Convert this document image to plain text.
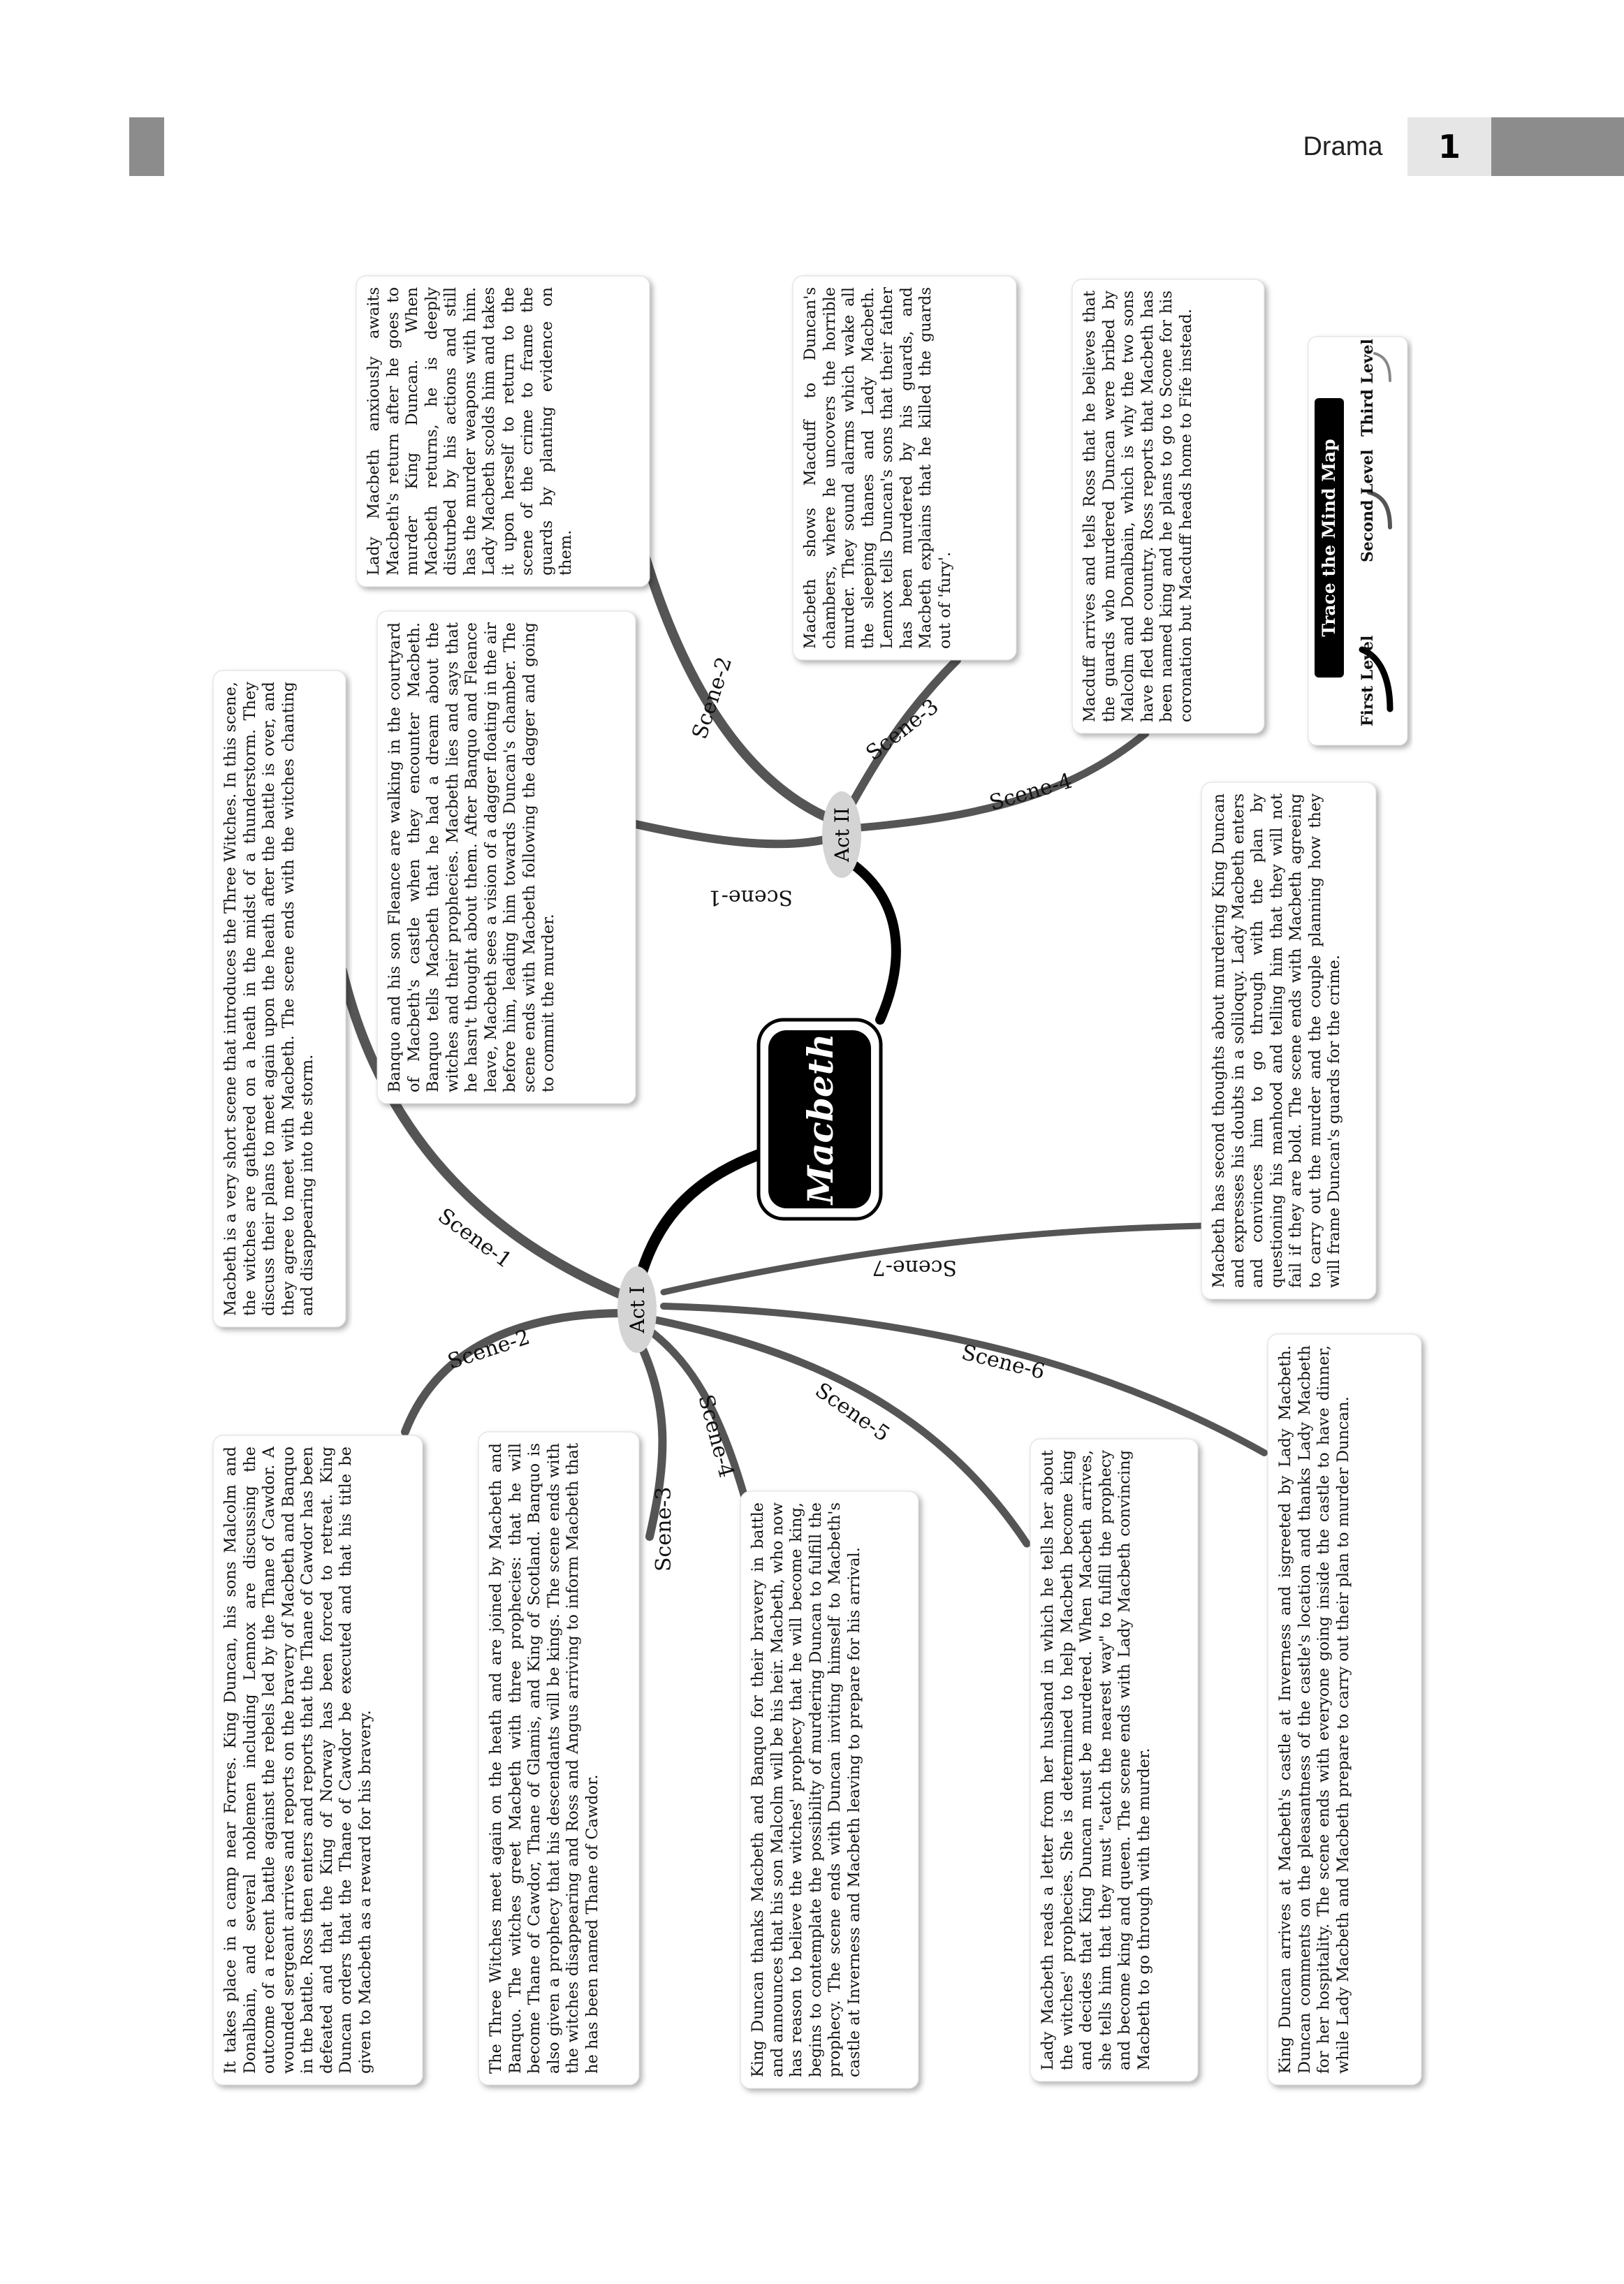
Drama	1
Scene-1
Scene-2
Scene-3
Scene-4	Scene-5
Scene-6
Scene-7
Scene-1
Scene-2	Scene-3
Scene-4
Act I
Act II
Macbeth
Macbeth is a very short scene that introduces the Three Witches. In this scene, the witches are gathered on a heath in the midst of a thunderstorm. They discuss their plans to meet again upon the heath after the battle is over, and they agree to meet with Macbeth. The scene ends with the witches chanting and disappearing into the storm.
It takes place in a camp near Forres. King Duncan, his sons Malcolm and Donalbain, and several noblemen including Lennox are discussing the outcome of a recent battle against the rebels led by the Thane of Cawdor. A wounded sergeant arrives and reports on the bravery of Macbeth and Banquo in the battle. Ross then enters and reports that the Thane of Cawdor has been defeated and that the King of Norway has been forced to retreat. King Duncan orders that the Thane of Cawdor be executed and that his title be given to Macbeth as a reward for his bravery.	The Three Witches meet again on the heath and are joined by Macbeth and Banquo. The witches greet Macbeth with three prophecies: that he will become Thane of Cawdor, Thane of Glamis, and King of Scotland. Banquo is also given a prophecy that his descendants will be kings. The scene ends with the witches disappearing and Ross and Angus arriving to inform Macbeth that he has been named Thane of Cawdor.	King Duncan thanks Macbeth and Banquo for their bravery in battle and announces that his son Malcolm will be his heir. Macbeth, who now has reason to believe the witches' prophecy that he will become king, begins to contemplate the possibility of murdering Duncan to fulfill the prophecy. The scene ends with Duncan inviting himself to Macbeth's castle at Inverness and Macbeth leaving to prepare for his arrival.	Lady Macbeth reads a letter from her husband in which he tells her about the witches' prophecies. She is determined to help Macbeth become king and decides that King Duncan must be murdered. When Macbeth arrives, she tells him that they must "catch the nearest way" to fulfill the prophecy and become king and queen. The scene ends with Lady Macbeth convincing Macbeth to go through with the murder.	King Duncan arrives at Macbeth's castle at Inverness and isgreeted by Lady Macbeth. Duncan comments on the pleasantness of the castle's location and thanks Lady Macbeth for her hospitality. The scene ends with everyone going inside the castle to have dinner, while Lady Macbeth and Macbeth prepare to carry out their plan to murder Duncan.
Macbeth has second thoughts about murdering King Duncan and expresses his doubts in a soliloquy. Lady Macbeth enters and convinces him to go through with the plan by questioning his manhood and telling him that they will not fail if they are bold. The scene ends with Macbeth agreeing to carry out the murder and the couple planning how they will frame Duncan's guards for the crime.
Banquo and his son Fleance are walking in the courtyard of Macbeth's castle when they encounter Macbeth. Banquo tells Macbeth that he had a dream about the witches and their prophecies. Macbeth lies and says that he hasn't thought about them. After Banquo and Fleance leave, Macbeth sees a vision of a dagger floating in the air before him, leading him towards Duncan's chamber. The scene ends with Macbeth following the dagger and going to commit the murder.
Lady Macbeth anxiously awaits Macbeth's return after he goes to murder King Duncan. When Macbeth returns, he is deeply disturbed by his actions and still has the murder weapons with him. Lady Macbeth scolds him and takes it upon herself to return to the scene of the crime to frame the guards by planting evidence on them.	Macbeth shows Macduff to Duncan's chambers, where he uncovers the horrible murder. They sound alarms which wake all the sleeping thanes and Lady Macbeth. Lennox tells Duncan's sons that their father has been murdered by his guards, and Macbeth explains that he killed the guards out of 'fury'.	Macduff arrives and tells Ross that he believes that the guards who murdered Duncan were bribed by Malcolm and Donalbain, which is why the two sons have fled the country. Ross reports that Macbeth has been named king and he plans to go to Scone for his coronation but Macduff heads home to Fife instead.	Trace the Mind Map
First Level
Second Level
Third Level
